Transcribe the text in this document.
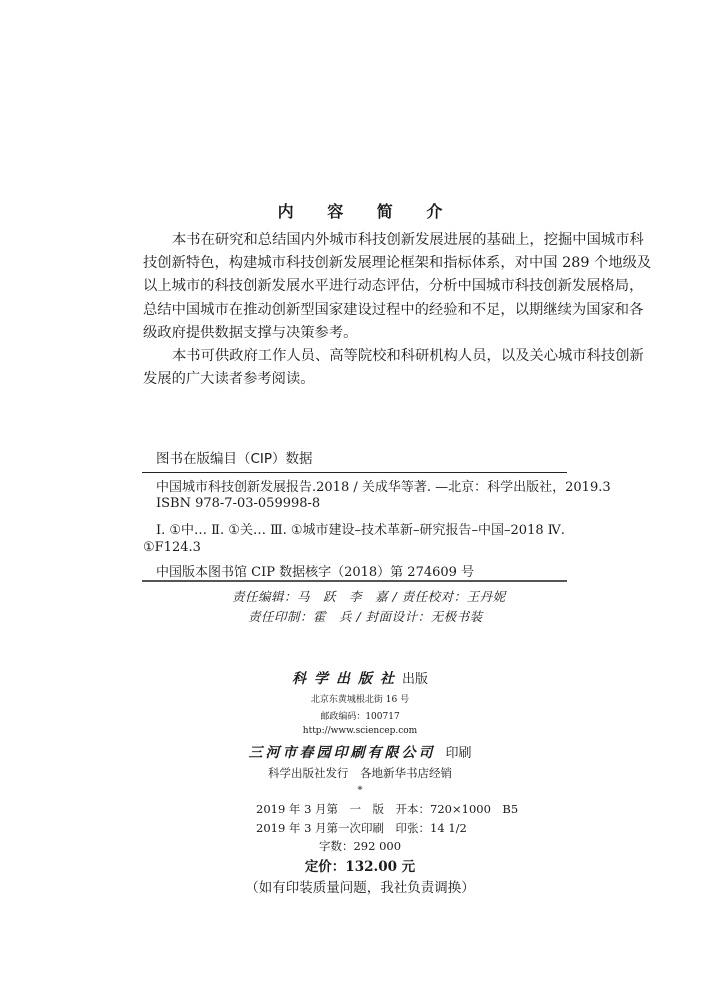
内 容 简 介
本书在研究和总结国内外城市科技创新发展进展的基础上，挖掘中国城市科
技创新特色，构建城市科技创新发展理论框架和指标体系，对中国 289 个地级及
以上城市的科技创新发展水平进行动态评估，分析中国城市科技创新发展格局，
总结中国城市在推动创新型国家建设过程中的经验和不足，以期继续为国家和各
级政府提供数据支撑与决策参考。
本书可供政府工作人员、高等院校和科研机构人员，以及关心城市科技创新
发展的广大读者参考阅读。
图书在版编目（CIP）数据
中国城市科技创新发展报告.2018 / 关成华等著. —北京：科学出版社，2019.3
ISBN 978-7-03-059998-8
Ⅰ. ①中… Ⅱ. ①关… Ⅲ. ①城市建设–技术革新–研究报告–中国–2018 Ⅳ.
①F124.3
中国版本图书馆 CIP 数据核字（2018）第 274609 号
责任编辑：马　跃　李　嘉 / 责任校对：王丹妮
责任印制：霍　兵 / 封面设计：无极书装
科学出版社出版
北京东黄城根北街 16 号
邮政编码：100717
http://www.sciencep.com
三河市春园印刷有限公司 印刷
科学出版社发行　各地新华书店经销
*
2019 年 3 月第　一　版　开本：720×1000　B5
2019 年 3 月第一次印刷　印张：14 1/2
字数：292 000
定价：132.00 元
（如有印装质量问题，我社负责调换）
